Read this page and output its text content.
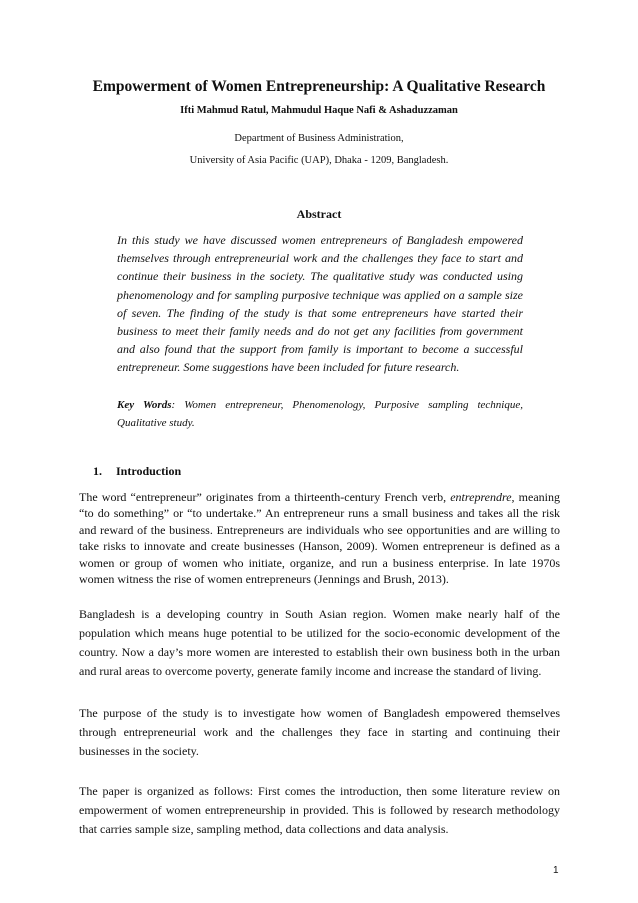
Empowerment of Women Entrepreneurship: A Qualitative Research
Ifti Mahmud Ratul, Mahmudul Haque Nafi & Ashaduzzaman
Department of Business Administration,
University of Asia Pacific (UAP), Dhaka - 1209, Bangladesh.
Abstract

In this study we have discussed women entrepreneurs of Bangladesh empowered themselves through entrepreneurial work and the challenges they face to start and continue their business in the society. The qualitative study was conducted using phenomenology and for sampling purposive technique was applied on a sample size of seven. The finding of the study is that some entrepreneurs have started their business to meet their family needs and do not get any facilities from government and also found that the support from family is important to become a successful entrepreneur. Some suggestions have been included for future research.

Key Words: Women entrepreneur, Phenomenology, Purposive sampling technique, Qualitative study.

1. Introduction

The word “entrepreneur” originates from a thirteenth-century French verb, entreprendre, meaning “to do something” or “to undertake.” An entrepreneur runs a small business and takes all the risk and reward of the business. Entrepreneurs are individuals who see opportunities and are willing to take risks to innovate and create businesses (Hanson, 2009). Women entrepreneur is defined as a women or group of women who initiate, organize, and run a business enterprise. In late 1970s women witness the rise of women entrepreneurs (Jennings and Brush, 2013).

Bangladesh is a developing country in South Asian region. Women make nearly half of the population which means huge potential to be utilized for the socio-economic development of the country. Now a day’s more women are interested to establish their own business both in the urban and rural areas to overcome poverty, generate family income and increase the standard of living.

The purpose of the study is to investigate how women of Bangladesh empowered themselves through entrepreneurial work and the challenges they face in starting and continuing their businesses in the society.

The paper is organized as follows: First comes the introduction, then some literature review on empowerment of women entrepreneurship in provided. This is followed by research methodology that carries sample size, sampling method, data collections and data analysis.

1
